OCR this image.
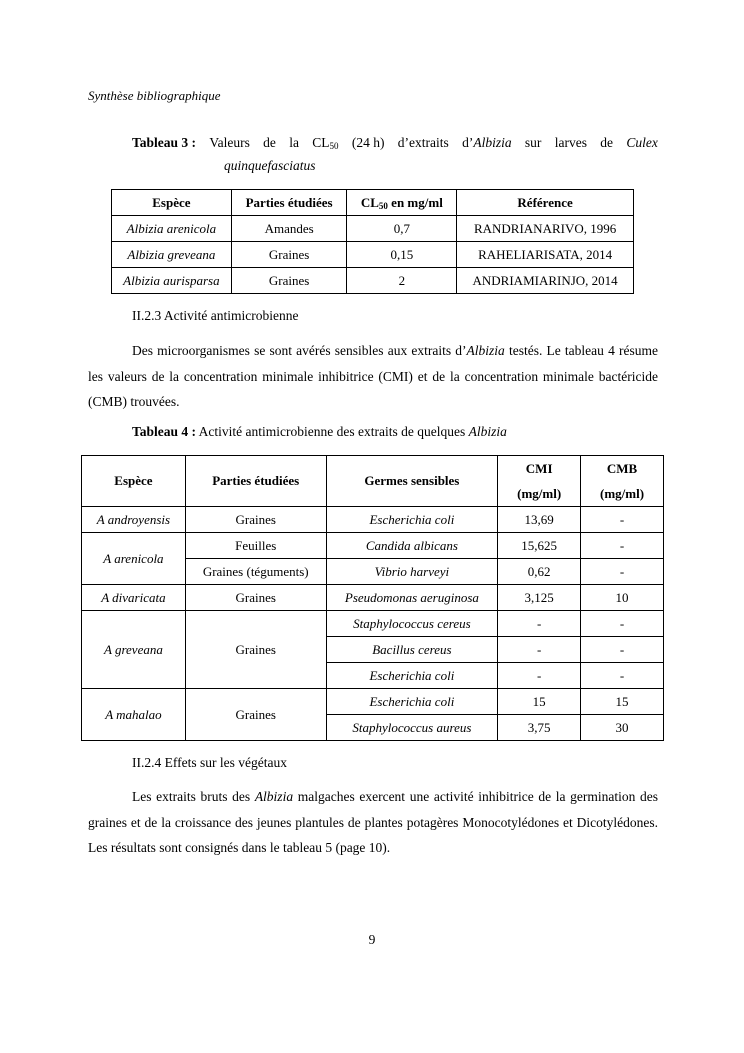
Synthèse bibliographique
Tableau 3 : Valeurs de la $CL_{50}$ (24 h) d’extraits d’Albizia sur larves de Culex
quinquefasciatus
Espèce	Parties étudiées	$CL_{50}$ en mg/ml	Référence
Albizia arenicola	Amandes	0,7	RANDRIANARIVO, 1996
Albizia greveana	Graines	0,15	RAHELIARISATA, 2014
Albizia aurisparsa	Graines	2	ANDRIAMIARINJO, 2014
II.2.3 Activité antimicrobienne
Des microorganismes se sont avérés sensibles aux extraits d’Albizia testés. Le tableau 4 résume les valeurs de la concentration minimale inhibitrice (CMI) et de la concentration minimale bactéricide (CMB) trouvées.
Tableau 4 : Activité antimicrobienne des extraits de quelques Albizia
Espèce	Parties étudiées	Germes sensibles	CMI	CMB
			(mg/ml)	(mg/ml)
A androyensis	Graines	Escherichia coli	13,69	-
A arenicola	Feuilles	Candida albicans	15,625	-
	Graines (téguments)	Vibrio harveyi	0,62	-
A divaricata	Graines	Pseudomonas aeruginosa	3,125	10
A greveana	Graines	Staphylococcus cereus	-	-
		Bacillus cereus	-	-
		Escherichia coli	-	-
A mahalao	Graines	Escherichia coli	15	15
		Staphylococcus aureus	3,75	30
II.2.4 Effets sur les végétaux
Les extraits bruts des Albizia malgaches exercent une activité inhibitrice de la germination des graines et de la croissance des jeunes plantules de plantes potagères Monocotylédones et Dicotylédones. Les résultats sont consignés dans le tableau 5 (page 10).
9
